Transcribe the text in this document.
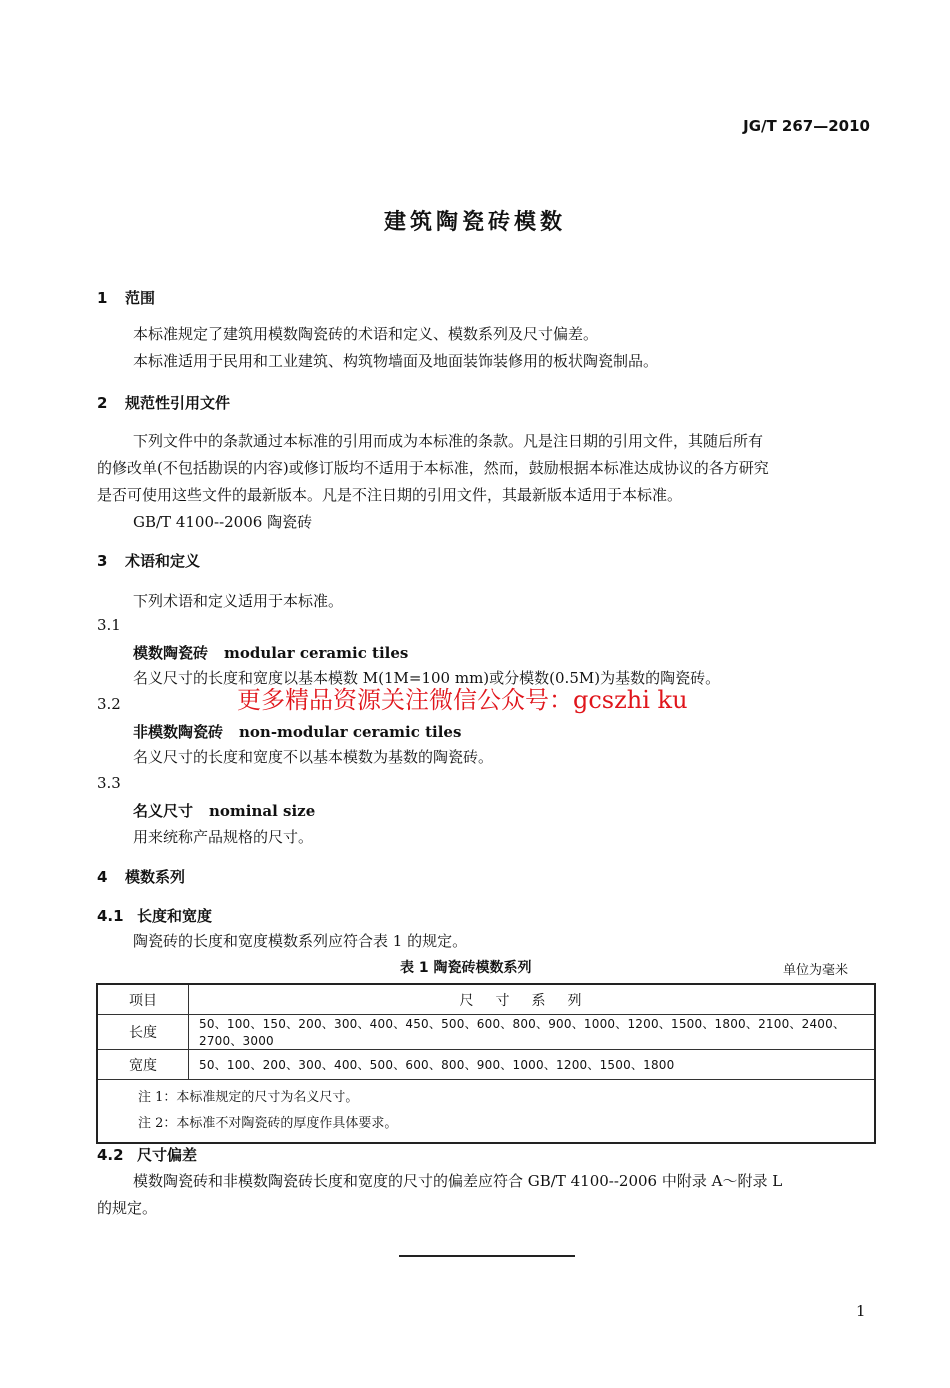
JG/T 267—2010
建筑陶瓷砖模数
1 范围
本标准规定了建筑用模数陶瓷砖的术语和定义、模数系列及尺寸偏差。
本标准适用于民用和工业建筑、构筑物墙面及地面装饰装修用的板状陶瓷制品。
2 规范性引用文件
下列文件中的条款通过本标准的引用而成为本标准的条款。凡是注日期的引用文件，其随后所有
的修改单(不包括勘误的内容)或修订版均不适用于本标准，然而，鼓励根据本标准达成协议的各方研究
是否可使用这些文件的最新版本。凡是不注日期的引用文件，其最新版本适用于本标准。
GB/T 4100--2006 陶瓷砖
3 术语和定义
下列术语和定义适用于本标准。
3.1
模数陶瓷砖 modular ceramic tiles
名义尺寸的长度和宽度以基本模数 M(1M=100 mm)或分模数(0.5M)为基数的陶瓷砖。
更多精品资源关注微信公众号：gcszhi ku
3.2
非模数陶瓷砖 non-modular ceramic tiles
名义尺寸的长度和宽度不以基本模数为基数的陶瓷砖。
3.3
名义尺寸 nominal size
用来统称产品规格的尺寸。
4 模数系列
4.1 长度和宽度
陶瓷砖的长度和宽度模数系列应符合表 1 的规定。
表 1 陶瓷砖模数系列	单位为毫米
项目	尺寸系列
长度	50、100、150、200、300、400、450、500、600、800、900、1000、1200、1500、1800、2100、2400、2700、3000
宽度	50、100、200、300、400、500、600、800、900、1000、1200、1500、1800

注 1：本标准规定的尺寸为名义尺寸。
注 2：本标准不对陶瓷砖的厚度作具体要求。	
4.2 尺寸偏差
模数陶瓷砖和非模数陶瓷砖长度和宽度的尺寸的偏差应符合 GB/T 4100--2006 中附录 A～附录 L
的规定。
1
